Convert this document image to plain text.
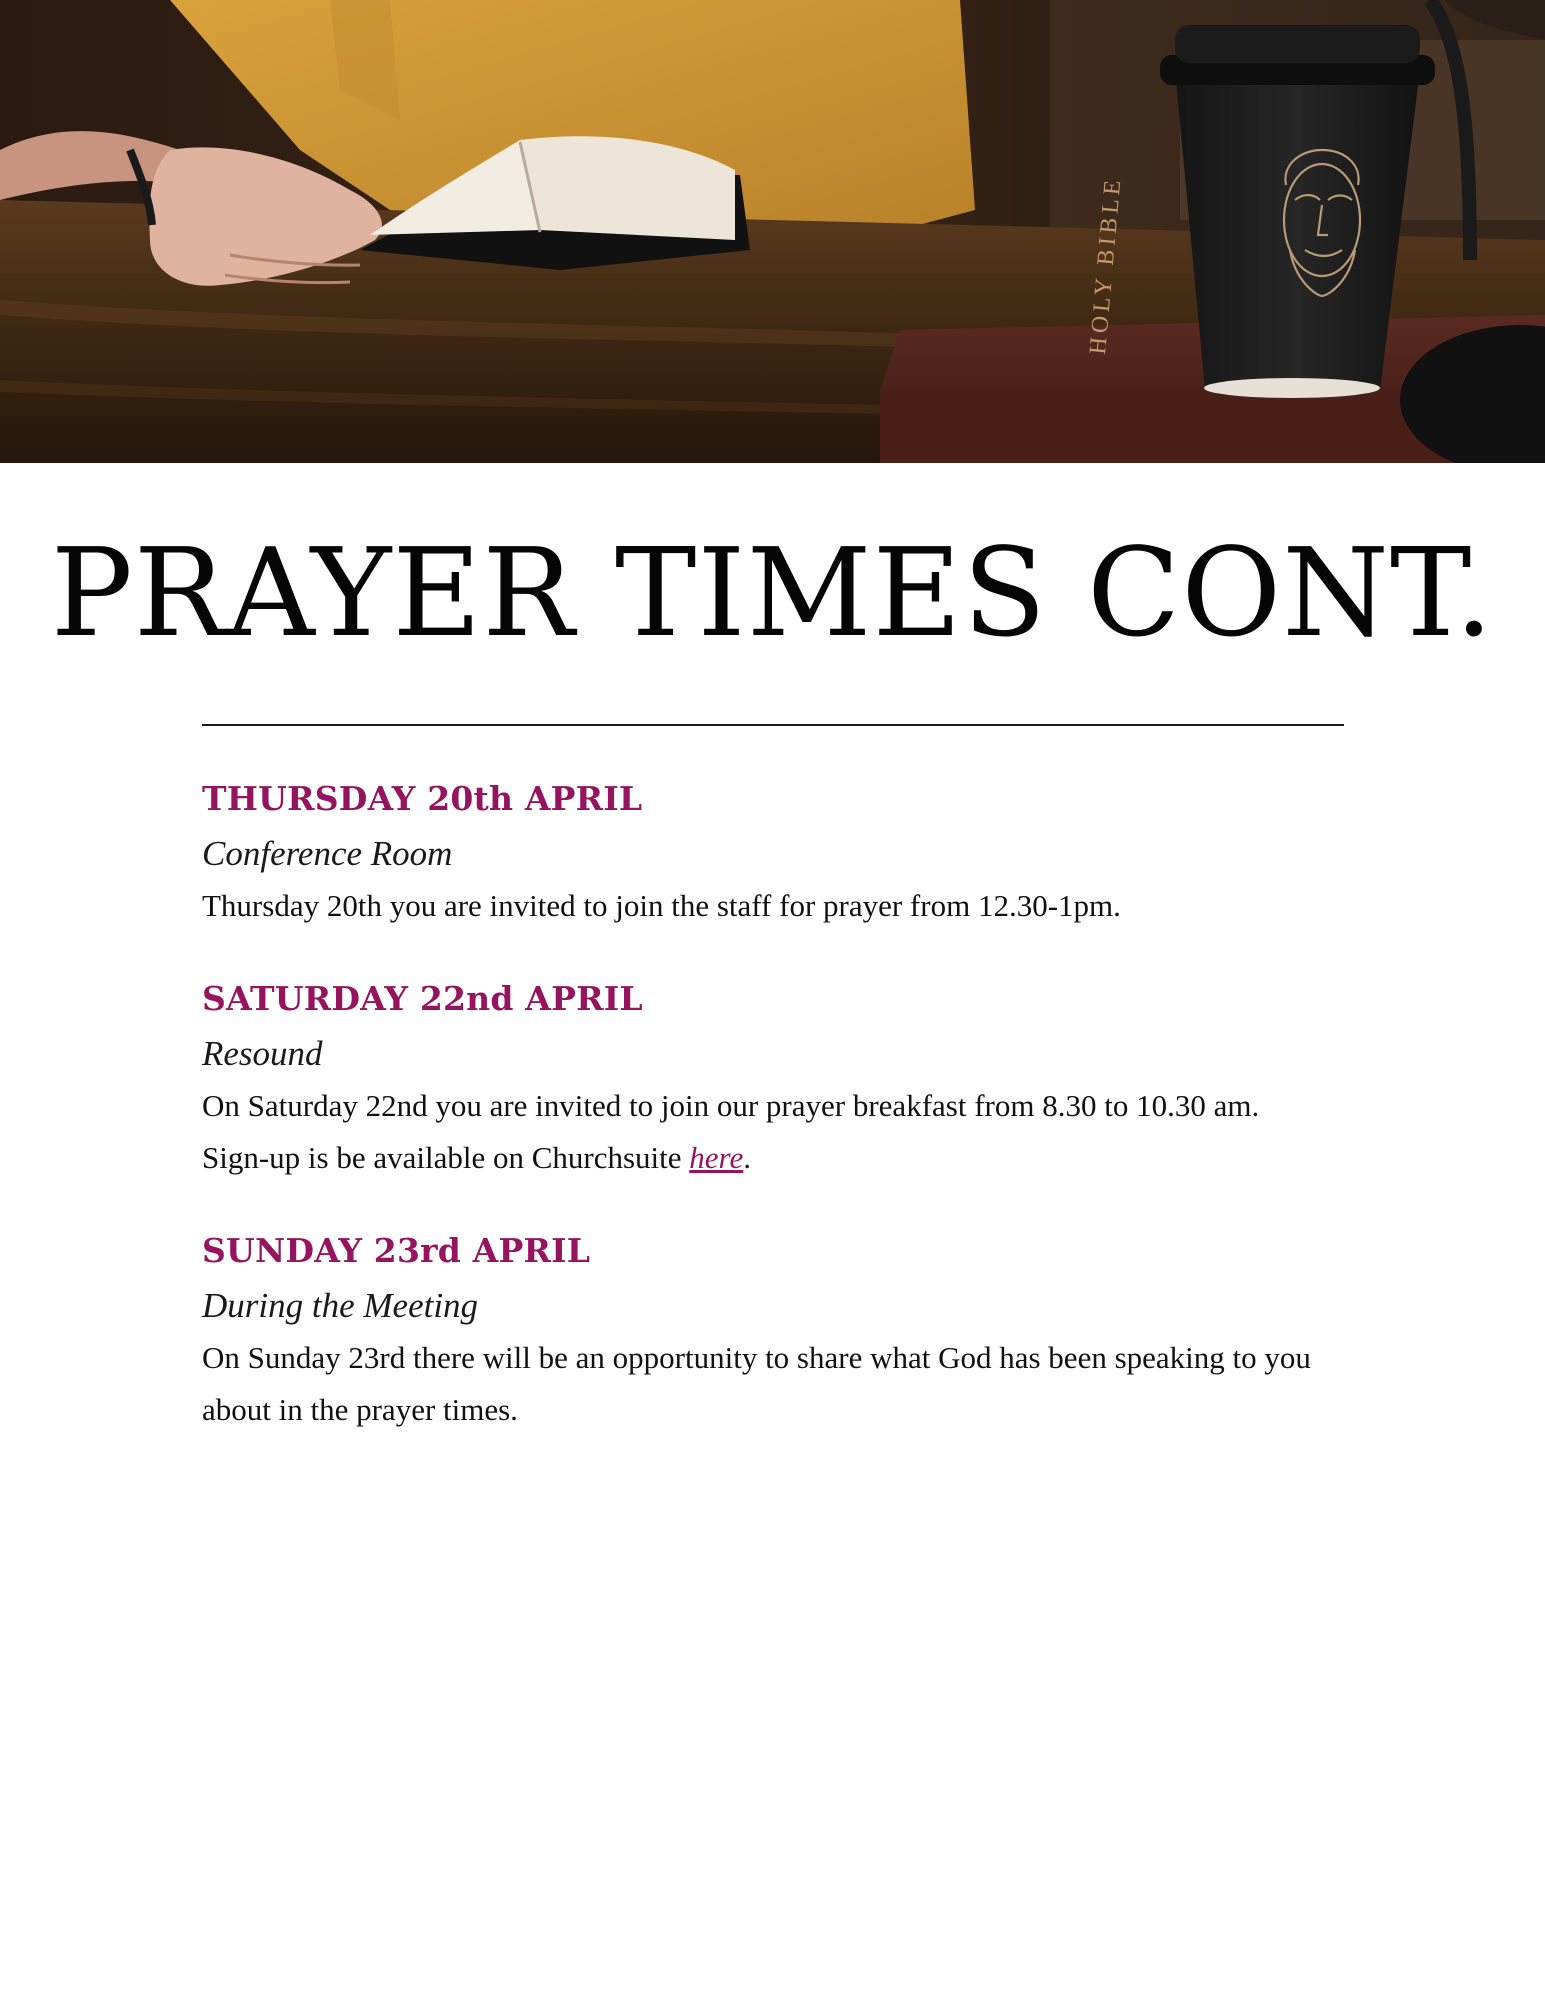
HOLY BIBLE
PRAYER TIMES CONT.
THURSDAY 20th APRIL

Conference Room

Thursday 20th you are invited to join the staff for prayer from 12.30-1pm.

SATURDAY 22nd APRIL

Resound

On Saturday 22nd you are invited to join our prayer breakfast from 8.30 to 10.30 am.

Sign-up is be available on Churchsuite here.

SUNDAY 23rd APRIL

During the Meeting

On Sunday 23rd there will be an opportunity to share what God has been speaking to you about in the prayer times.
